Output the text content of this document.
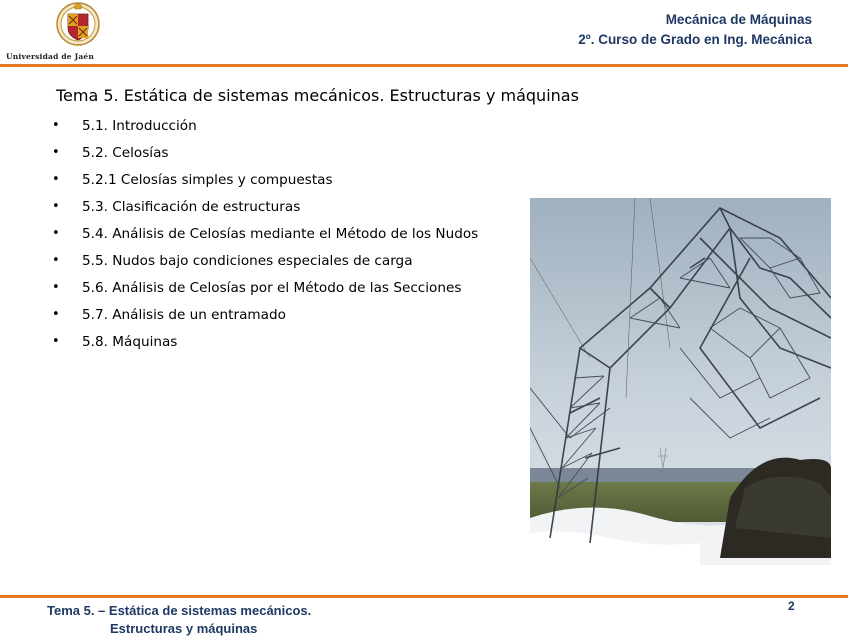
Universidad de Jaén
Mecánica de Máquinas
2º. Curso de Grado en Ing. Mecánica
Tema 5. Estática de sistemas mecánicos. Estructuras y máquinas
• 5.1. Introducción
• 5.2. Celosías
• 5.2.1 Celosías simples y compuestas
• 5.3. Clasificación de estructuras
• 5.4. Análisis de Celosías mediante el Método de los Nudos
• 5.5. Nudos bajo condiciones especiales de carga
• 5.6. Análisis de Celosías por el Método de las Secciones
• 5.7. Análisis de un entramado
• 5.8. Máquinas
Tema 5. – Estática de sistemas mecánicos.
Estructuras y máquinas
2
